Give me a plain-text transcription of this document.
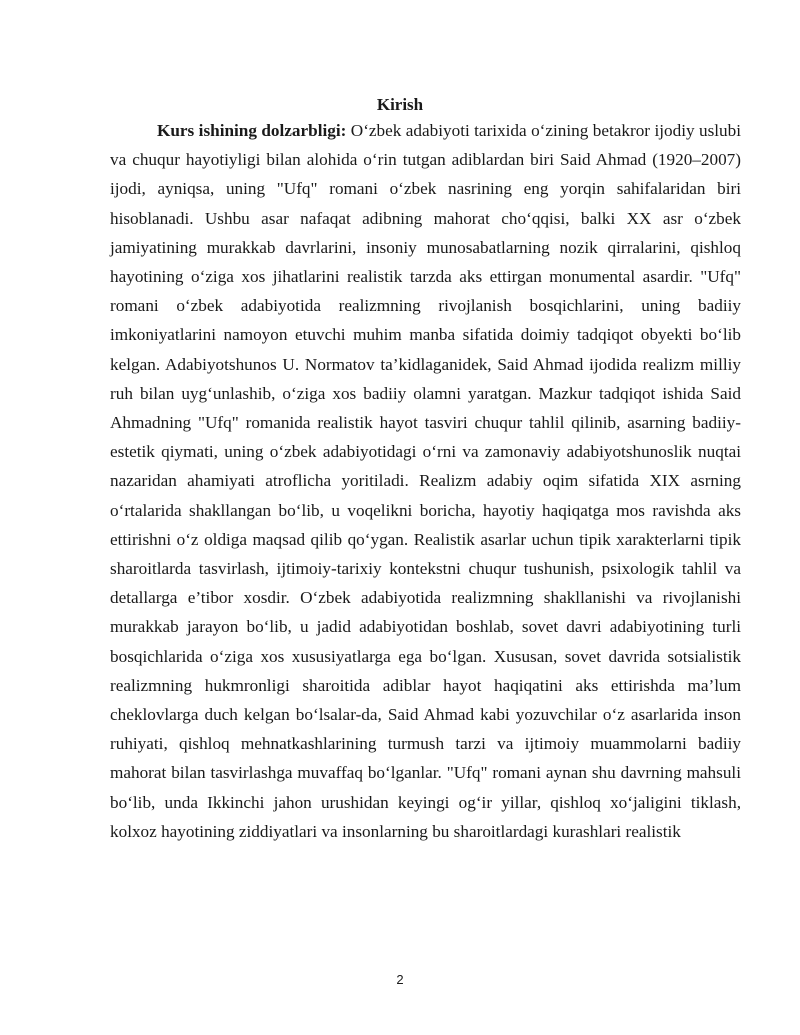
Kirish

Kurs ishining dolzarbligi: O‘zbek adabiyoti tarixida o‘zining betakror ijodiy uslubi va chuqur hayotiyligi bilan alohida o‘rin tutgan adiblardan biri Said Ahmad (1920–2007) ijodi, ayniqsa, uning "Ufq" romani o‘zbek nasrining eng yorqin sahifalaridan biri hisoblanadi. Ushbu asar nafaqat adibning mahorat cho‘qqisi, balki XX asr o‘zbek jamiyatining murakkab davrlarini, insoniy munosabatlarning nozik qirralarini, qishloq hayotining o‘ziga xos jihatlarini realistik tarzda aks ettirgan monumental asardir. "Ufq" romani o‘zbek adabiyotida realizmning rivojlanish bosqichlarini, uning badiiy imkoniyatlarini namoyon etuvchi muhim manba sifatida doimiy tadqiqot obyekti bo‘lib kelgan. Adabiyotshunos U. Normatov ta’kidlaganidek, Said Ahmad ijodida realizm milliy ruh bilan uyg‘unlashib, o‘ziga xos badiiy olamni yaratgan. Mazkur tadqiqot ishida Said Ahmadning "Ufq" romanida realistik hayot tasviri chuqur tahlil qilinib, asarning badiiy-estetik qiymati, uning o‘zbek adabiyotidagi o‘rni va zamonaviy adabiyotshunoslik nuqtai nazaridan ahamiyati atroflicha yoritiladi. Realizm adabiy oqim sifatida XIX asrning o‘rtalarida shakllangan bo‘lib, u voqelikni boricha, hayotiy haqiqatga mos ravishda aks ettirishni o‘z oldiga maqsad qilib qo‘ygan. Realistik asarlar uchun tipik xarakterlarni tipik sharoitlarda tasvirlash, ijtimoiy-tarixiy kontekstni chuqur tushunish, psixologik tahlil va detallarga e’tibor xosdir. O‘zbek adabiyotida realizmning shakllanishi va rivojlanishi murakkab jarayon bo‘lib, u jadid adabiyotidan boshlab, sovet davri adabiyotining turli bosqichlarida o‘ziga xos xususiyatlarga ega bo‘lgan. Xususan, sovet davrida sotsialistik realizmning hukmronligi sharoitida adiblar hayot haqiqatini aks ettirishda ma’lum cheklovlarga duch kelgan bo‘lsalar-da, Said Ahmad kabi yozuvchilar o‘z asarlarida inson ruhiyati, qishloq mehnatkashlarining turmush tarzi va ijtimoiy muammolarni badiiy mahorat bilan tasvirlashga muvaffaq bo‘lganlar. "Ufq" romani aynan shu davrning mahsuli bo‘lib, unda Ikkinchi jahon urushidan keyingi og‘ir yillar, qishloq xo‘jaligini tiklash, kolxoz hayotining ziddiyatlari va insonlarning bu sharoitlardagi kurashlari realistik

2
